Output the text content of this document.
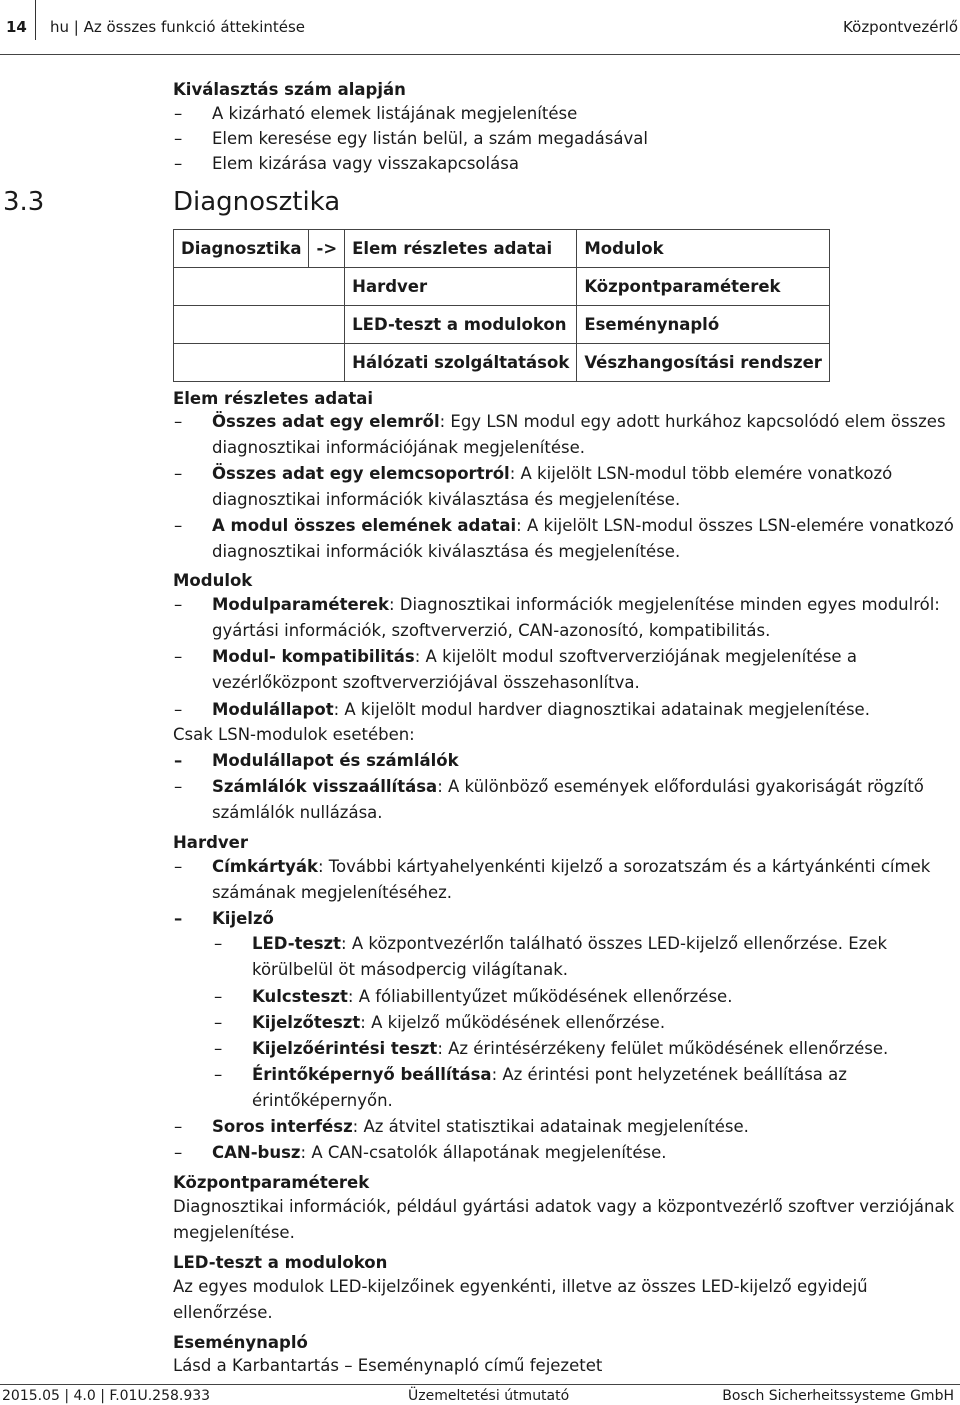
14 hu | Az összes funkció áttekintése	Központvezérlő
Kiválasztás szám alapján
– A kizárható elemek listájának megjelenítése
– Elem keresése egy listán belül, a szám megadásával
– Elem kizárása vagy visszakapcsolása
3.3	Diagnosztika
Diagnosztika	->	Elem részletes adatai	Modulok
		Hardver	Központparaméterek
		LED-teszt a modulokon	Eseménynapló
		Hálózati szolgáltatások	Vészhangosítási rendszer
Elem részletes adatai
– Összes adat egy elemről: Egy LSN modul egy adott hurkához kapcsolódó elem összes
diagnosztikai információjának megjelenítése.
– Összes adat egy elemcsoportról: A kijelölt LSN-modul több elemére vonatkozó
diagnosztikai információk kiválasztása és megjelenítése.
– A modul összes elemének adatai: A kijelölt LSN-modul összes LSN-elemére vonatkozó
diagnosztikai információk kiválasztása és megjelenítése.
Modulok
– Modulparaméterek: Diagnosztikai információk megjelenítése minden egyes modulról:
gyártási információk, szoftververzió, CAN-azonosító, kompatibilitás.
– Modul- kompatibilitás: A kijelölt modul szoftververziójának megjelenítése a
vezérlőközpont szoftververziójával összehasonlítva.
– Modulállapot: A kijelölt modul hardver diagnosztikai adatainak megjelenítése.
Csak LSN-modulok esetében:
– Modulállapot és számlálók
– Számlálók visszaállítása: A különböző események előfordulási gyakoriságát rögzítő
számlálók nullázása.
Hardver
– Címkártyák: További kártyahelyenkénti kijelző a sorozatszám és a kártyánkénti címek
számának megjelenítéséhez.
– Kijelző
– LED-teszt: A központvezérlőn található összes LED-kijelző ellenőrzése. Ezek
körülbelül öt másodpercig világítanak.
– Kulcsteszt: A fóliabillentyűzet működésének ellenőrzése.
– Kijelzőteszt: A kijelző működésének ellenőrzése.
– Kijelzőérintési teszt: Az érintésérzékeny felület működésének ellenőrzése.
– Érintőképernyő beállítása: Az érintési pont helyzetének beállítása az
érintőképernyőn.
– Soros interfész: Az átvitel statisztikai adatainak megjelenítése.
– CAN-busz: A CAN-csatolók állapotának megjelenítése.
Központparaméterek
Diagnosztikai információk, például gyártási adatok vagy a központvezérlő szoftver verziójának
megjelenítése.
LED-teszt a modulokon
Az egyes modulok LED-kijelzőinek egyenkénti, illetve az összes LED-kijelző egyidejű
ellenőrzése.
Eseménynapló
Lásd a Karbantartás – Eseménynapló című fejezetet
2015.05 | 4.0 | F.01U.258.933	Üzemeltetési útmutató	Bosch Sicherheitssysteme GmbH
